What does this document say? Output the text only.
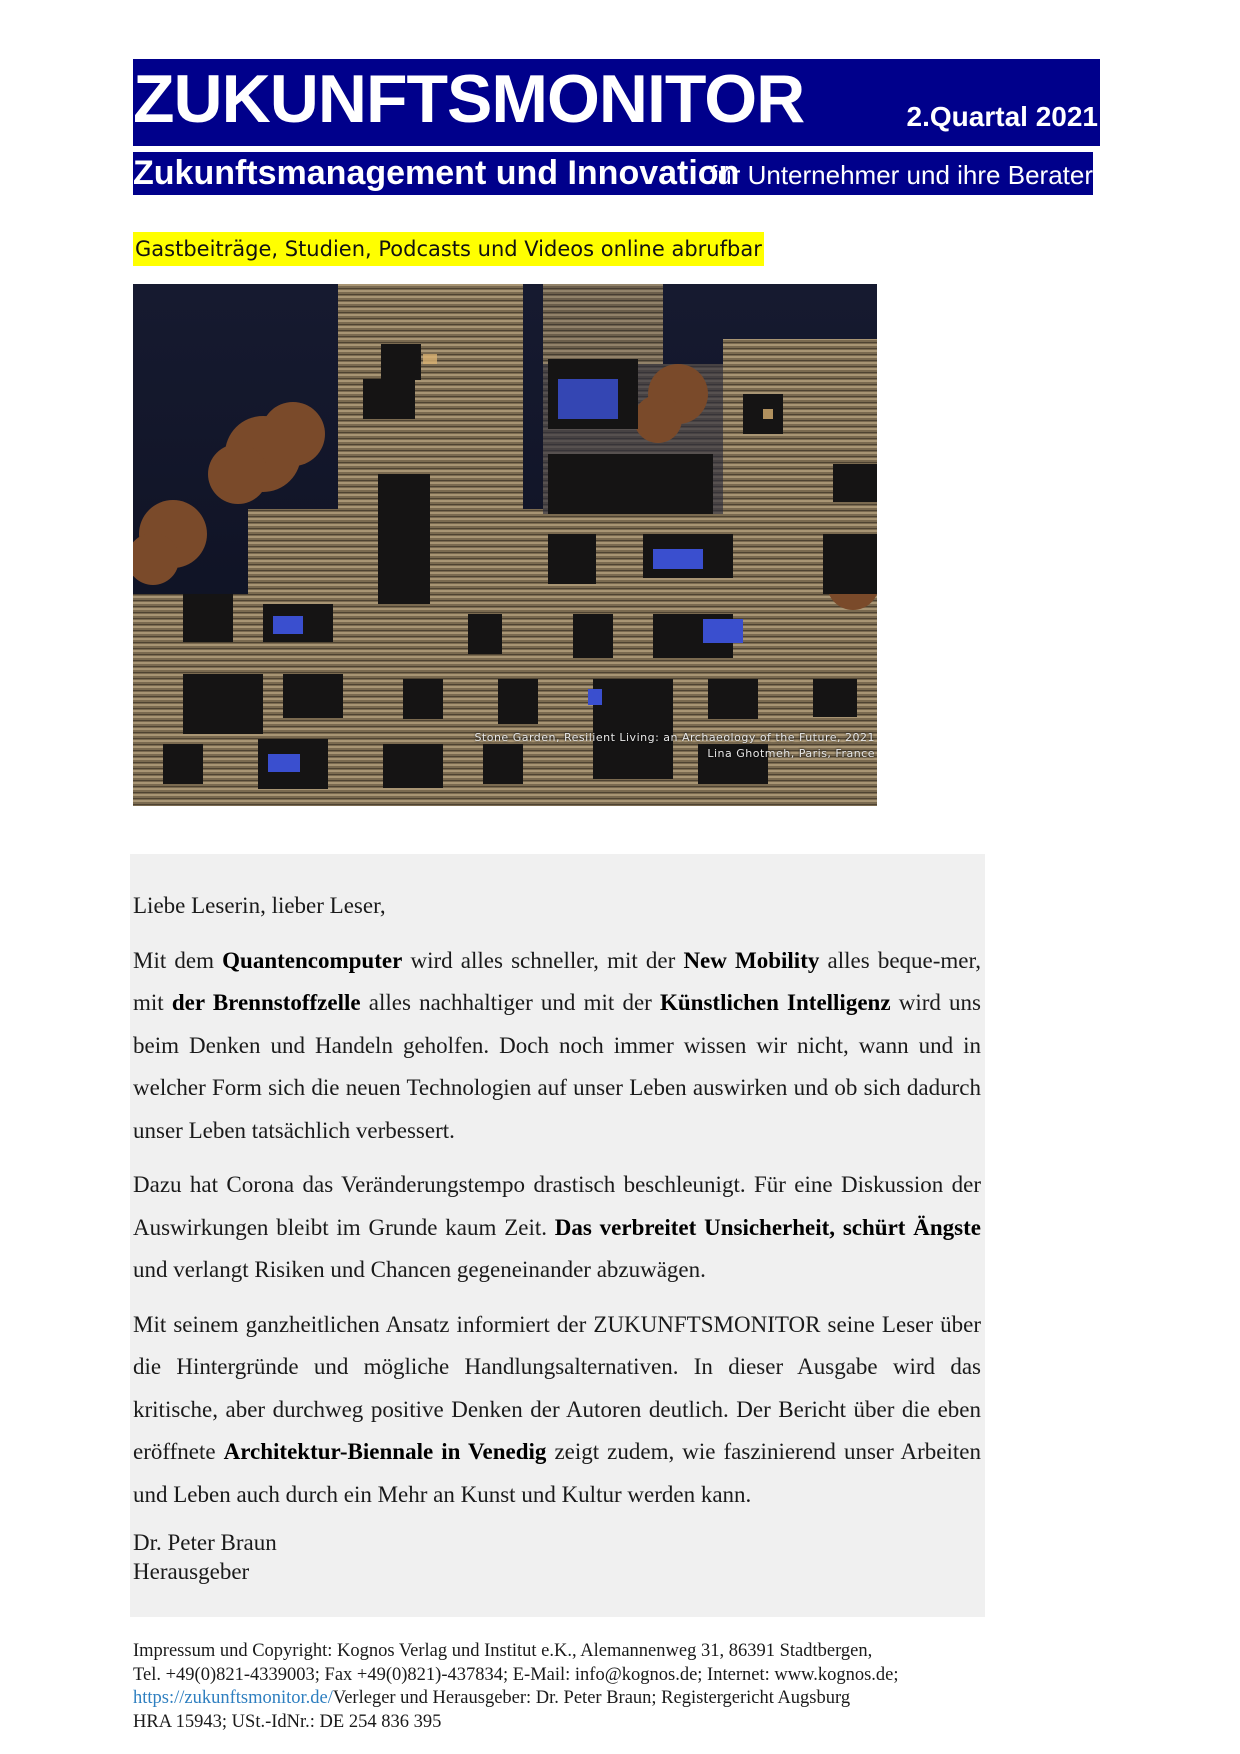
ZUKUNFTSMONITOR	2.Quartal 2021
Zukunftsmanagement und Innovation
für Unternehmer und ihre Berater
Gastbeiträge, Studien, Podcasts und Videos online abrufbar
Stone Garden, Resilient Living: an Archaeology of the Future, 2021
Lina Ghotmeh, Paris, France

Liebe Leserin, lieber Leser,

Mit dem Quantencomputer wird alles schneller, mit der New Mobility alles beque-mer, mit der Brennstoffzelle alles nachhaltiger und mit der Künstlichen Intelligenz wird uns beim Denken und Handeln geholfen. Doch noch immer wissen wir nicht, wann und in welcher Form sich die neuen Technologien auf unser Leben auswirken und ob sich dadurch unser Leben tatsächlich verbessert.

Dazu hat Corona das Veränderungstempo drastisch beschleunigt. Für eine Diskussion der Auswirkungen bleibt im Grunde kaum Zeit. Das verbreitet Unsicherheit, schürt Ängste und verlangt Risiken und Chancen gegeneinander abzuwägen.

Mit seinem ganzheitlichen Ansatz informiert der ZUKUNFTSMONITOR seine Leser über die Hintergründe und mögliche Handlungsalternativen. In dieser Ausgabe wird das kritische, aber durchweg positive Denken der Autoren deutlich. Der Bericht über die eben eröffnete Architektur-Biennale in Venedig zeigt zudem, wie faszinierend unser Arbeiten und Leben auch durch ein Mehr an Kunst und Kultur werden kann.

Dr. Peter Braun
Herausgeber
Impressum und Copyright: Kognos Verlag und Institut e.K., Alemannenweg 31, 86391 Stadtbergen,
Tel. +49(0)821-4339003; Fax +49(0)821)-437834; E-Mail: info@kognos.de; Internet: www.kognos.de;
https://zukunftsmonitor.de/Verleger und Herausgeber: Dr. Peter Braun; Registergericht Augsburg
HRA 15943; USt.-IdNr.: DE 254 836 395
